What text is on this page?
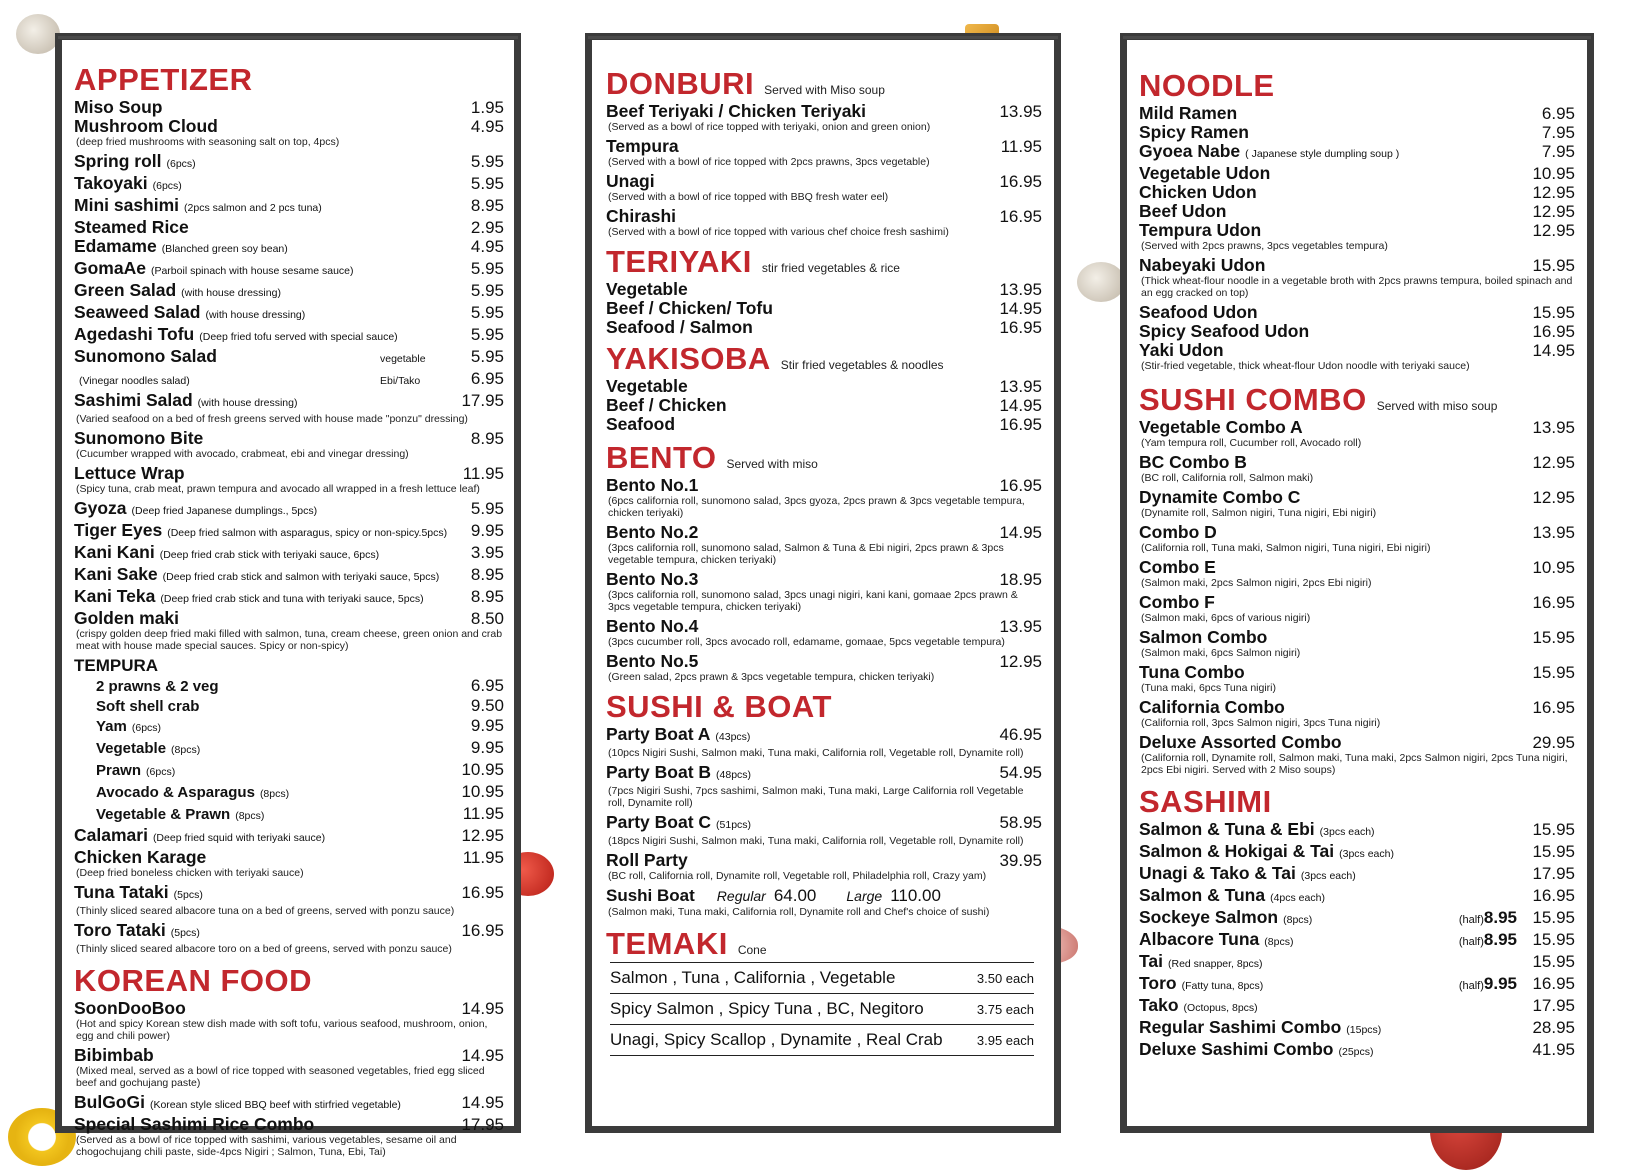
APPETIZER
Miso Soup	1.95
Mushroom Cloud	4.95
(deep fried mushrooms with seasoning salt on top, 4pcs)
Spring roll (6pcs)	5.95
Takoyaki (6pcs)	5.95
Mini sashimi (2pcs salmon and 2 pcs tuna)	8.95
Steamed Rice	2.95
Edamame (Blanched green soy bean)	4.95
GomaAe (Parboil spinach with house sesame sauce)	5.95
Green Salad (with house dressing)	5.95
Seaweed Salad (with house dressing)	5.95
Agedashi Tofu (Deep fried tofu served with special sauce)	5.95
Sunomono Salad	vegetable	5.95
(Vinegar noodles salad)	Ebi/Tako	6.95
Sashimi Salad (with house dressing)	17.95
(Varied seafood on a bed of fresh greens served with house made "ponzu" dressing)
Sunomono Bite	8.95
(Cucumber wrapped with avocado, crabmeat, ebi and vinegar dressing)
Lettuce Wrap	11.95
(Spicy tuna, crab meat, prawn tempura and avocado all wrapped in a fresh lettuce leaf)
Gyoza (Deep fried Japanese dumplings., 5pcs)	5.95
Tiger Eyes (Deep fried salmon with asparagus, spicy or non-spicy.5pcs)	9.95
Kani Kani (Deep fried crab stick with teriyaki sauce, 6pcs)	3.95
Kani Sake (Deep fried crab stick and salmon with teriyaki sauce, 5pcs)	8.95
Kani Teka (Deep fried crab stick and tuna with teriyaki sauce, 5pcs)	8.95
Golden maki	8.50
(crispy golden deep fried maki filled with salmon, tuna, cream cheese, green onion and crab meat with house made special sauces. Spicy or non-spicy)
TEMPURA
2 prawns & 2 veg	6.95
Soft shell crab	9.50
Yam (6pcs)	9.95
Vegetable (8pcs)	9.95
Prawn (6pcs)	10.95
Avocado & Asparagus (8pcs)	10.95
Vegetable & Prawn (8pcs)	11.95
Calamari (Deep fried squid with teriyaki sauce)	12.95
Chicken Karage	11.95
(Deep fried boneless chicken with teriyaki sauce)
Tuna Tataki (5pcs)	16.95
(Thinly sliced seared albacore tuna on a bed of greens, served with ponzu sauce)
Toro Tataki (5pcs)	16.95
(Thinly sliced seared albacore toro on a bed of greens, served with ponzu sauce)
KOREAN FOOD
SoonDooBoo	14.95
(Hot and spicy Korean stew dish made with soft tofu, various seafood, mushroom, onion, egg and chili power)
Bibimbab	14.95
(Mixed meal, served as a bowl of rice topped with seasoned vegetables, fried egg sliced beef and gochujang paste)
BulGoGi (Korean style sliced BBQ beef with stirfried vegetable)	14.95
Special Sashimi Rice Combo	17.95
(Served as a bowl of rice topped with sashimi, various vegetables, sesame oil and chogochujang chili paste, side-4pcs Nigiri ; Salmon, Tuna, Ebi, Tai)
DONBURI Served with Miso soup
Beef Teriyaki / Chicken Teriyaki	13.95
(Served as a bowl of rice topped with teriyaki, onion and green onion)
Tempura	11.95
(Served with a bowl of rice topped with 2pcs prawns, 3pcs vegetable)
Unagi	16.95
(Served with a bowl of rice topped with BBQ fresh water eel)
Chirashi	16.95
(Served with a bowl of rice topped with various chef choice fresh sashimi)
TERIYAKI stir fried vegetables & rice
Vegetable	13.95
Beef / Chicken/ Tofu	14.95
Seafood / Salmon	16.95
YAKISOBA Stir fried vegetables & noodles
Vegetable	13.95
Beef / Chicken	14.95
Seafood	16.95
BENTO Served with miso
Bento No.1	16.95
(6pcs california roll, sunomono salad, 3pcs gyoza, 2pcs prawn & 3pcs vegetable tempura, chicken teriyaki)
Bento No.2	14.95
(3pcs california roll, sunomono salad, Salmon & Tuna & Ebi nigiri, 2pcs prawn & 3pcs vegetable tempura, chicken teriyaki)
Bento No.3	18.95
(3pcs california roll, sunomono salad, 3pcs unagi nigiri, kani kani, gomaae 2pcs prawn & 3pcs vegetable tempura, chicken teriyaki)
Bento No.4	13.95
(3pcs cucumber roll, 3pcs avocado roll, edamame, gomaae, 5pcs vegetable tempura)
Bento No.5	12.95
(Green salad, 2pcs prawn & 3pcs vegetable tempura, chicken teriyaki)
SUSHI & BOAT
Party Boat A (43pcs)	46.95
(10pcs Nigiri Sushi, Salmon maki, Tuna maki, California roll, Vegetable roll, Dynamite roll)
Party Boat B (48pcs)	54.95
(7pcs Nigiri Sushi, 7pcs sashimi, Salmon maki, Tuna maki, Large California roll Vegetable roll, Dynamite roll)
Party Boat C (51pcs)	58.95
(18pcs Nigiri Sushi, Salmon maki, Tuna maki, California roll, Vegetable roll, Dynamite roll)
Roll Party	39.95
(BC roll, California roll, Dynamite roll, Vegetable roll, Philadelphia roll, Crazy yam)
Sushi Boat Regular 64.00 Large 110.00
(Salmon maki, Tuna maki, California roll, Dynamite roll and Chef's choice of sushi)
TEMAKI Cone
Salmon , Tuna , California , Vegetable	3.50 each
Spicy Salmon , Spicy Tuna , BC, Negitoro	3.75 each
Unagi, Spicy Scallop , Dynamite , Real Crab	3.95 each
NOODLE
Mild Ramen	6.95
Spicy Ramen	7.95
Gyoea Nabe ( Japanese style dumpling soup )	7.95
Vegetable Udon	10.95
Chicken Udon	12.95
Beef Udon	12.95
Tempura Udon	12.95
(Served with 2pcs prawns, 3pcs vegetables tempura)
Nabeyaki Udon	15.95
(Thick wheat-flour noodle in a vegetable broth with 2pcs prawns tempura, boiled spinach and an egg cracked on top)
Seafood Udon	15.95
Spicy Seafood Udon	16.95
Yaki Udon	14.95
(Stir-fried vegetable, thick wheat-flour Udon noodle with teriyaki sauce)
SUSHI COMBO Served with miso soup
Vegetable Combo A	13.95
(Yam tempura roll, Cucumber roll, Avocado roll)
BC Combo B	12.95
(BC roll, California roll, Salmon maki)
Dynamite Combo C	12.95
(Dynamite roll, Salmon nigiri, Tuna nigiri, Ebi nigiri)
Combo D	13.95
(California roll, Tuna maki, Salmon nigiri, Tuna nigiri, Ebi nigiri)
Combo E	10.95
(Salmon maki, 2pcs Salmon nigiri, 2pcs Ebi nigiri)
Combo F	16.95
(Salmon maki, 6pcs of various nigiri)
Salmon Combo	15.95
(Salmon maki, 6pcs Salmon nigiri)
Tuna Combo	15.95
(Tuna maki, 6pcs Tuna nigiri)
California Combo	16.95
(California roll, 3pcs Salmon nigiri, 3pcs Tuna nigiri)
Deluxe Assorted Combo	29.95
(California roll, Dynamite roll, Salmon maki, Tuna maki, 2pcs Salmon nigiri, 2pcs Tuna nigiri, 2pcs Ebi nigiri. Served with 2 Miso soups)
SASHIMI
Salmon & Tuna & Ebi (3pcs each)	15.95
Salmon & Hokigai & Tai (3pcs each)	15.95
Unagi & Tako & Tai (3pcs each)	17.95
Salmon & Tuna (4pcs each)	16.95
Sockeye Salmon (8pcs)	(half)8.95 15.95
Albacore Tuna (8pcs)	(half)8.95 15.95
Tai (Red snapper, 8pcs)	15.95
Toro (Fatty tuna, 8pcs)	(half)9.95 16.95
Tako (Octopus, 8pcs)	17.95
Regular Sashimi Combo (15pcs)	28.95
Deluxe Sashimi Combo (25pcs)	41.95
